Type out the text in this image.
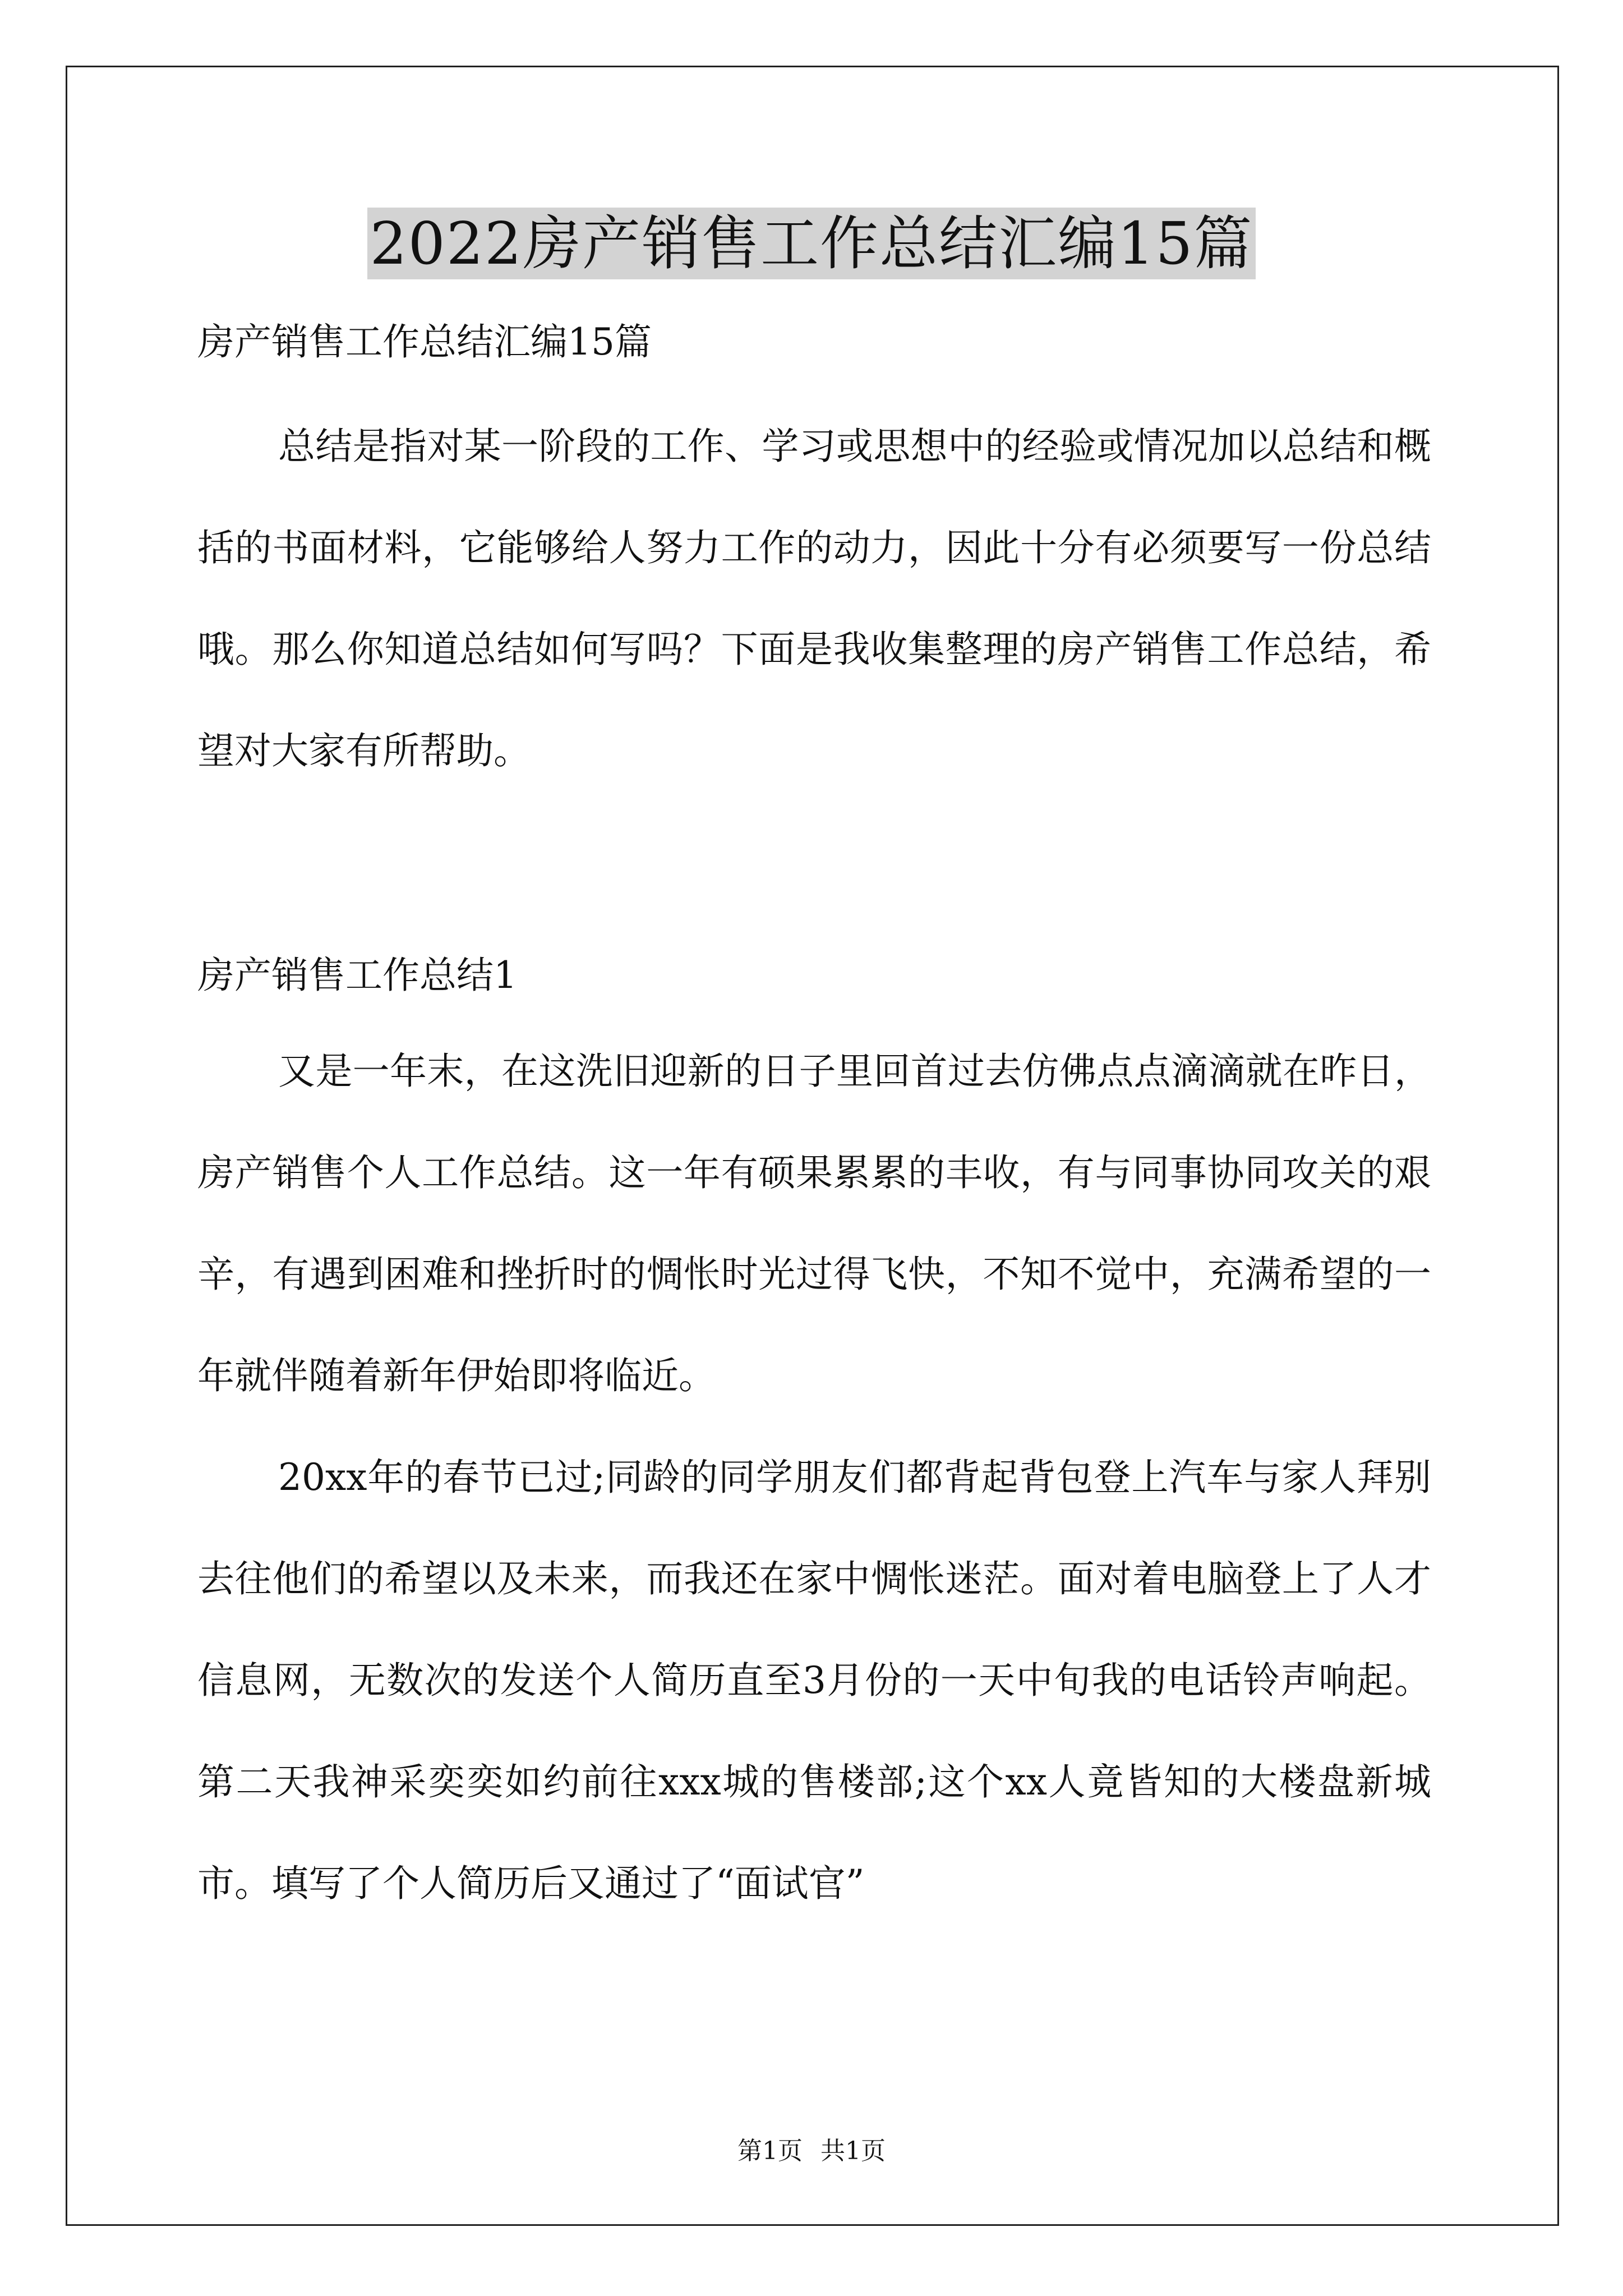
2022房产销售工作总结汇编15篇

房产销售工作总结汇编15篇

总结是指对某一阶段的工作、学习或思想中的经验或情况加以总结和概括的书面材料，它能够给人努力工作的动力，因此十分有必须要写一份总结哦。那么你知道总结如何写吗？下面是我收集整理的房产销售工作总结，希望对大家有所帮助。

房产销售工作总结1

又是一年末，在这洗旧迎新的日子里回首过去仿佛点点滴滴就在昨日，房产销售个人工作总结。这一年有硕果累累的丰收，有与同事协同攻关的艰辛，有遇到困难和挫折时的惆怅时光过得飞快，不知不觉中，充满希望的一年就伴随着新年伊始即将临近。

20xx年的春节已过;同龄的同学朋友们都背起背包登上汽车与家人拜别去往他们的希望以及未来，而我还在家中惆怅迷茫。面对着电脑登上了人才信息网，无数次的发送个人简历直至3月份的一天中旬我的电话铃声响起。第二天我神采奕奕如约前往xxx城的售楼部;这个xx人竟皆知的大楼盘新城市。填写了个人简历后又通过了“面试官”

第1页 共1页
